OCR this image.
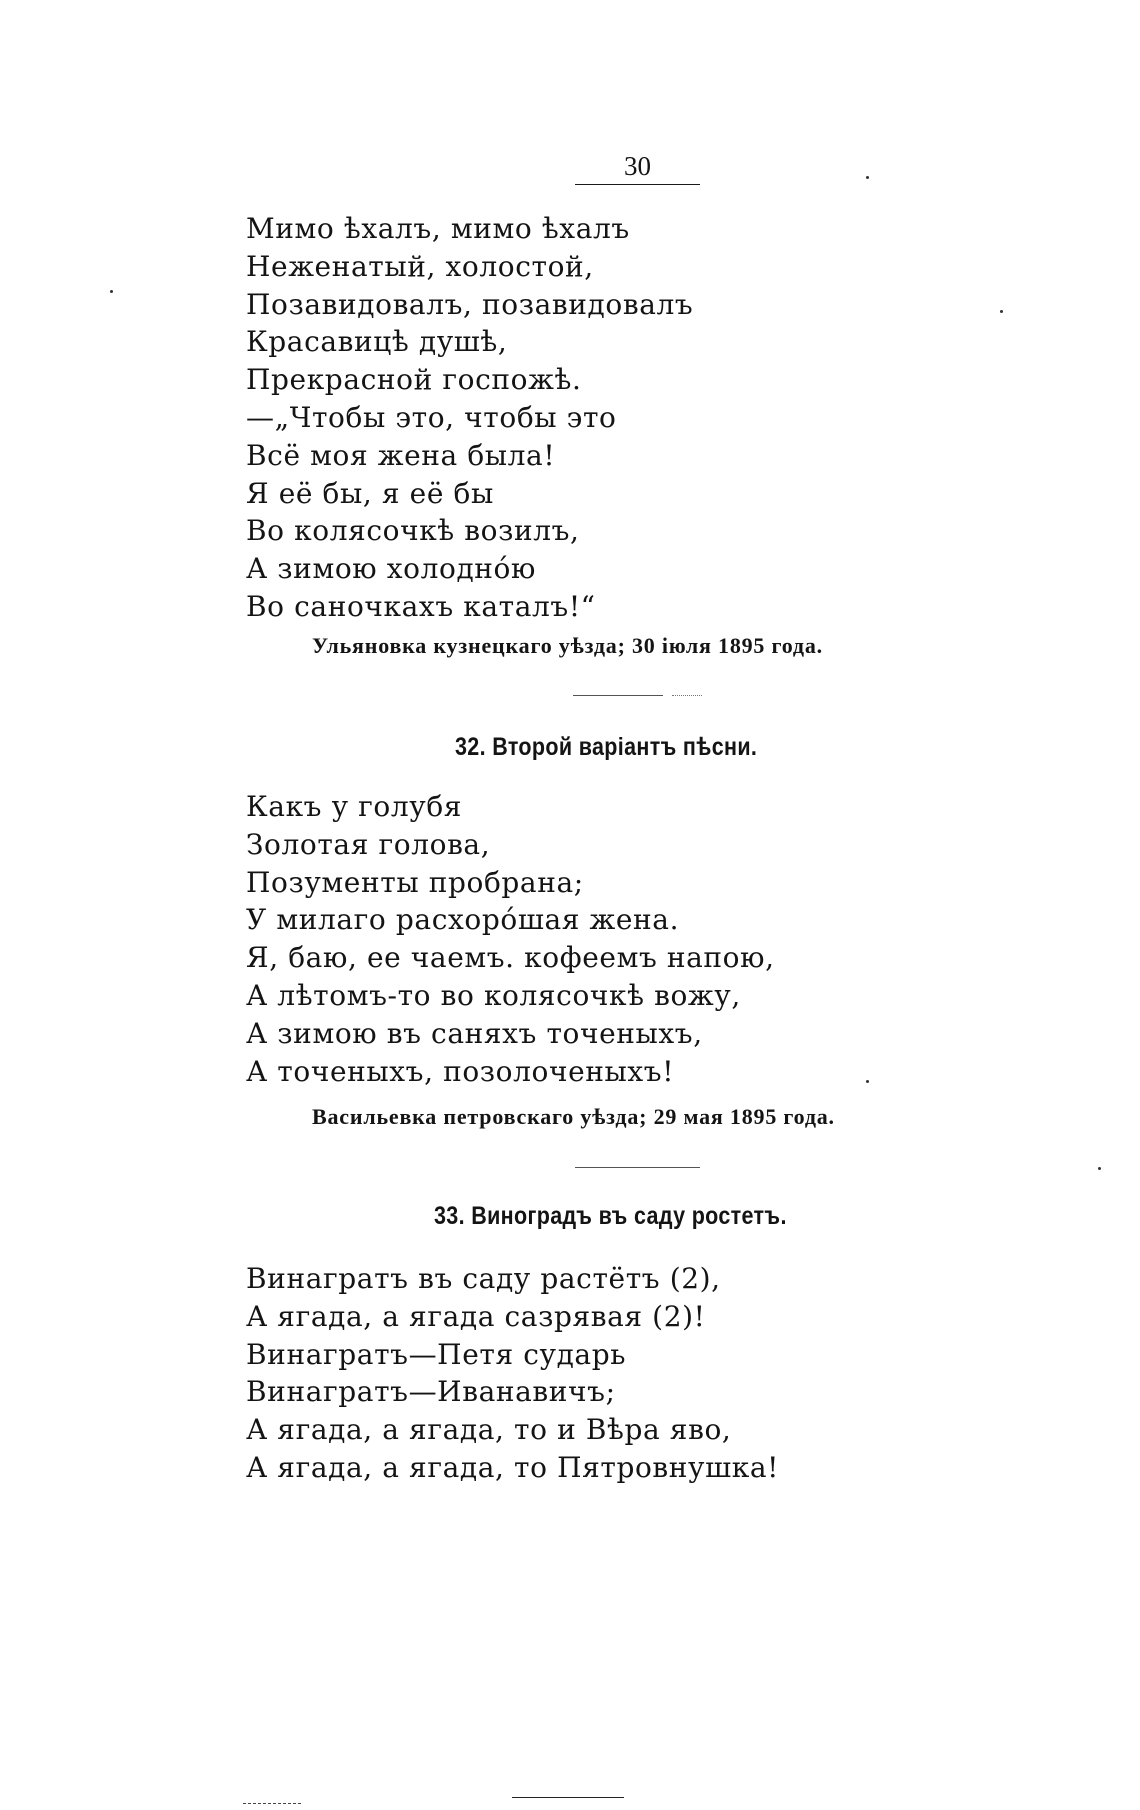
30
Мимо ѣхалъ, мимо ѣхалъ
Неженатый, холостой,
Позавидовалъ, позавидовалъ
Красавицѣ душѣ,
Прекрасной госпожѣ.
—„Чтобы это, чтобы это
Всё моя жена была!
Я её бы, я её бы
Во колясочкѣ возилъ,
А зимою холоднóю
Во саночкахъ каталъ!“

Ульяновка кузнецкаго уѣзда; 30 іюля 1895 года.

32. Второй варіантъ пѣсни.
Какъ у голубя
Золотая голова,
Позументы пробрана;
У милаго расхорóшая жена.
Я, баю, ее чаемъ. кофеемъ напою,
А лѣтомъ-то во колясочкѣ вожу,
А зимою въ саняхъ точеныхъ,
А точеныхъ, позолоченыхъ!

Васильевка петровскаго уѣзда; 29 мая 1895 года.

33. Виноградъ въ саду ростетъ.
Винагратъ въ саду растётъ (2),
А ягада, а ягада сазрявая (2)!
Винагратъ—Петя сударь
Винагратъ—Иванавичъ;
А ягада, а ягада, то и Вѣра яво,
А ягада, а ягада, то Пятровнушка!
